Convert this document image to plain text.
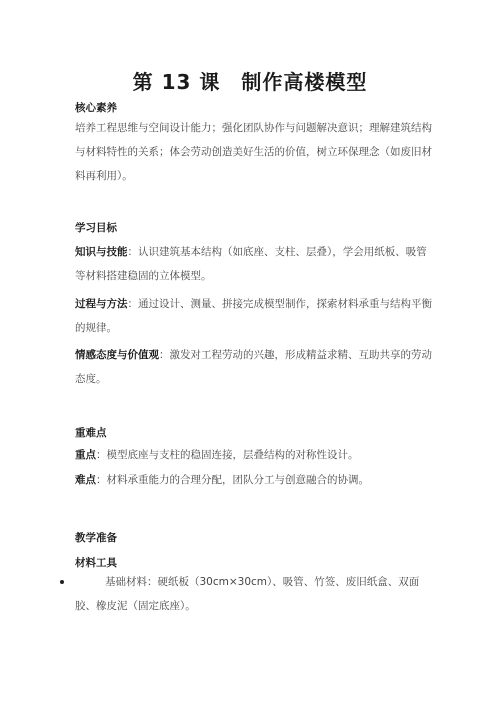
第 13 课　制作高楼模型
核心素养
培养工程思维与空间设计能力；强化团队协作与问题解决意识；理解建筑结构与材料特性的关系；体会劳动创造美好生活的价值，树立环保理念（如废旧材料再利用）。
学习目标
知识与技能：认识建筑基本结构（如底座、支柱、层叠），学会用纸板、吸管等材料搭建稳固的立体模型。
过程与方法：通过设计、测量、拼接完成模型制作，探索材料承重与结构平衡的规律。
情感态度与价值观：激发对工程劳动的兴趣，形成精益求精、互助共享的劳动态度。
重难点
重点：模型底座与支柱的稳固连接，层叠结构的对称性设计。
难点：材料承重能力的合理分配，团队分工与创意融合的协调。
教学准备
材料工具
基础材料：硬纸板（30cm×30cm）、吸管、竹签、废旧纸盒、双面胶、橡皮泥（固定底座）。
